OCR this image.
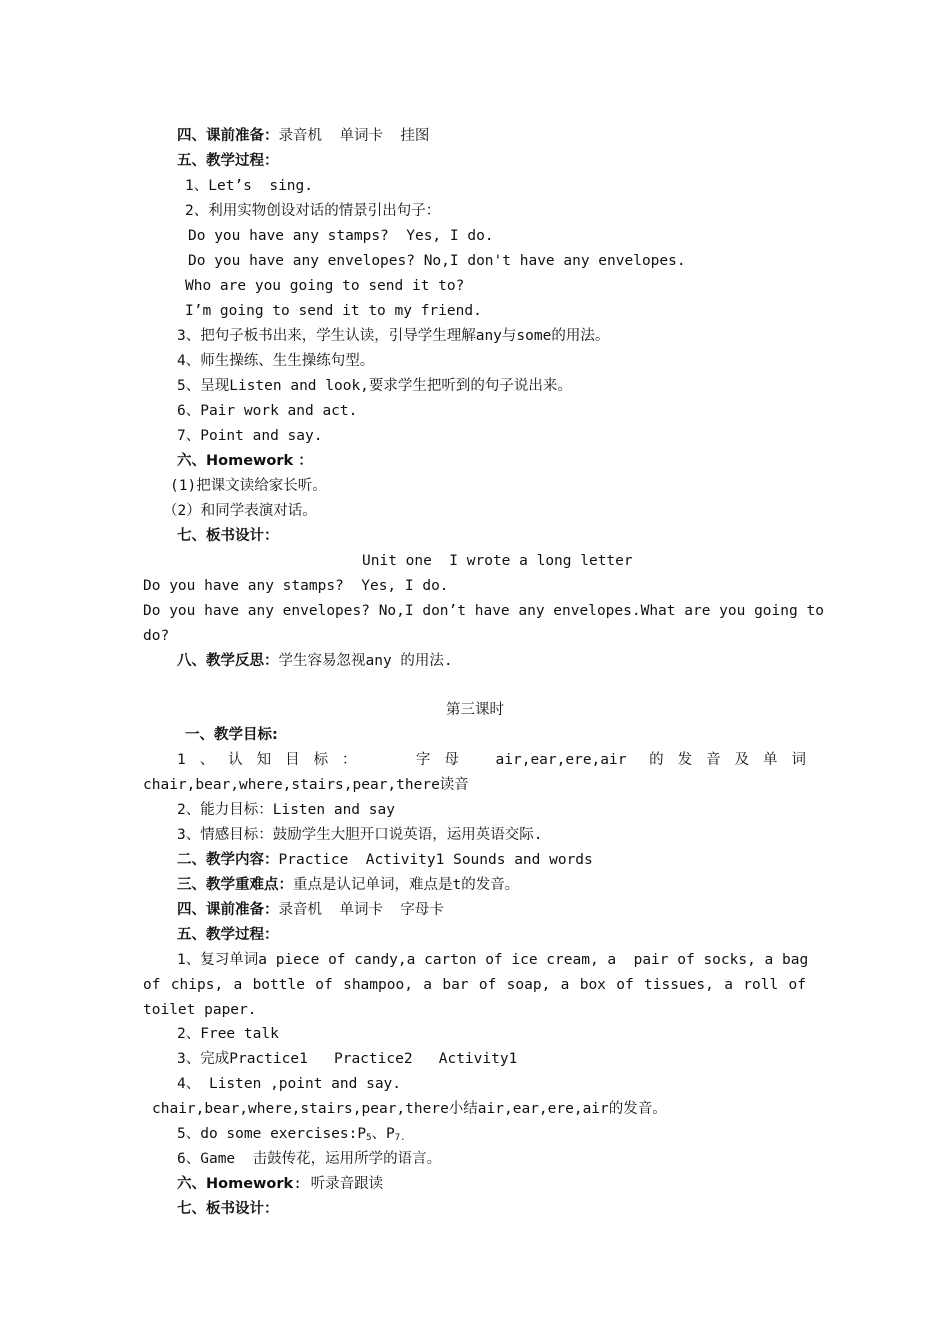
四、课前准备：录音机  单词卡  挂图
五、教学过程：
1、Let’s  sing.
2、利用实物创设对话的情景引出句子：
Do you have any stamps?  Yes, I do.
Do you have any envelopes? No,I don't have any envelopes.
Who are you going to send it to?
I’m going to send it to my friend.
3、把句子板书出来，学生认读，引导学生理解any与some的用法。
4、师生操练、生生操练句型。
5、呈现Listen and look,要求学生把听到的句子说出来。
6、Pair work and act.
7、Point and say.
六、Homework ：
(1)把课文读给家长听。
（2）和同学表演对话。
七、板书设计：
Unit one  I wrote a long letter
Do you have any stamps?  Yes, I do.
Do you have any envelopes? No,I don’t have any envelopes.What are you going to
do?
八、教学反思：学生容易忽视any 的用法.
第三课时
一、教学目标:
1、认知目标：  字母 air,ear,ere,air 的发音及单词
chair,bear,where,stairs,pear,there读音
2、能力目标：Listen and say
3、情感目标：鼓励学生大胆开口说英语，运用英语交际.
二、教学内容：Practice  Activity1 Sounds and words
三、教学重难点：重点是认记单词，难点是t的发音。
四、课前准备：录音机  单词卡  字母卡
五、教学过程：
1、复习单词a piece of candy,a carton of ice cream, a  pair of socks, a bag
of chips, a bottle of shampoo, a bar of soap, a box of tissues, a roll of
toilet paper.
2、Free talk
3、完成Practice1   Practice2   Activity1
4、 Listen ,point and say.
chair,bear,where,stairs,pear,there小结air,ear,ere,air的发音。
5、do some $exercises:P_5$、$P_{7.}$
6、Game  击鼓传花，运用所学的语言。
六、Homework: 听录音跟读
七、板书设计：
